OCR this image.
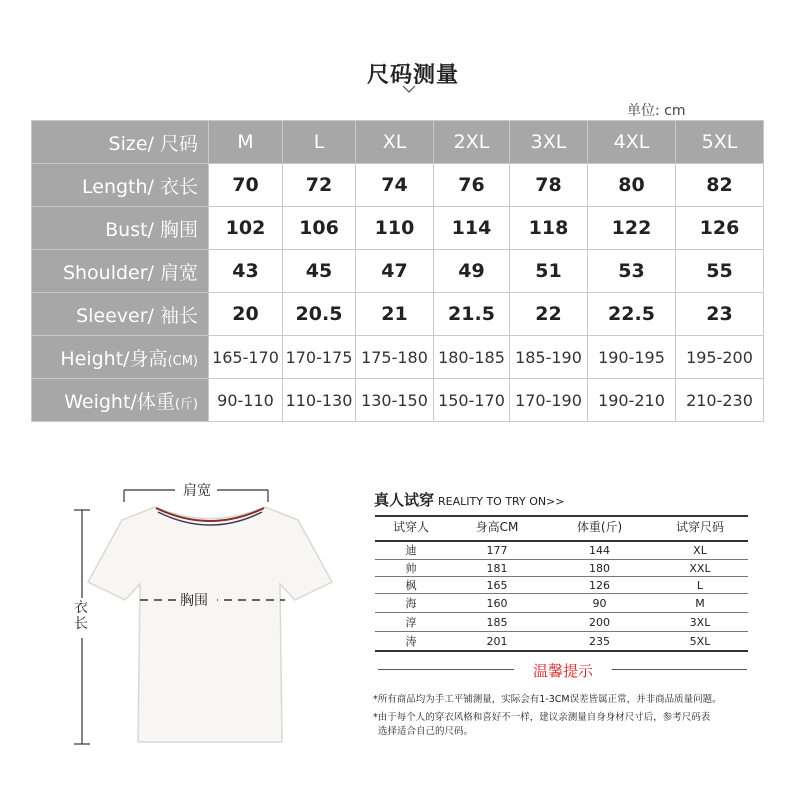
尺码测量
单位: cm
Size/ 尺码	M	L	XL	2XL	3XL	4XL	5XL
Length/ 衣长	70	72	74	76	78	80	82
Bust/ 胸围	102	106	110	114	118	122	126
Shoulder/ 肩宽	43	45	47	49	51	53	55
Sleever/ 袖长	20	20.5	21	21.5	22	22.5	23
Height/身高(CM)	165-170	170-175	175-180	180-185	185-190	190-195	195-200
Weight/体重(斤)	90-110	110-130	130-150	150-170	170-190	190-210	210-230
肩宽
胸围
衣长
真人试穿 REALITY TO TRY ON>>
试穿人	身高CM	体重(斤)	试穿尺码

迪	177	144	XL
帅	181	180	XXL
枫	165	126	L
海	160	90	M
淳	185	200	3XL
涛	201	235	5XL
温馨提示
*所有商品均为手工平铺测量，实际会有1-3CM误差皆属正常，并非商品质量问题。
*由于每个人的穿衣风格和喜好不一样，建议亲测量自身身材尺寸后，参考尺码表
选择适合自己的尺码。
